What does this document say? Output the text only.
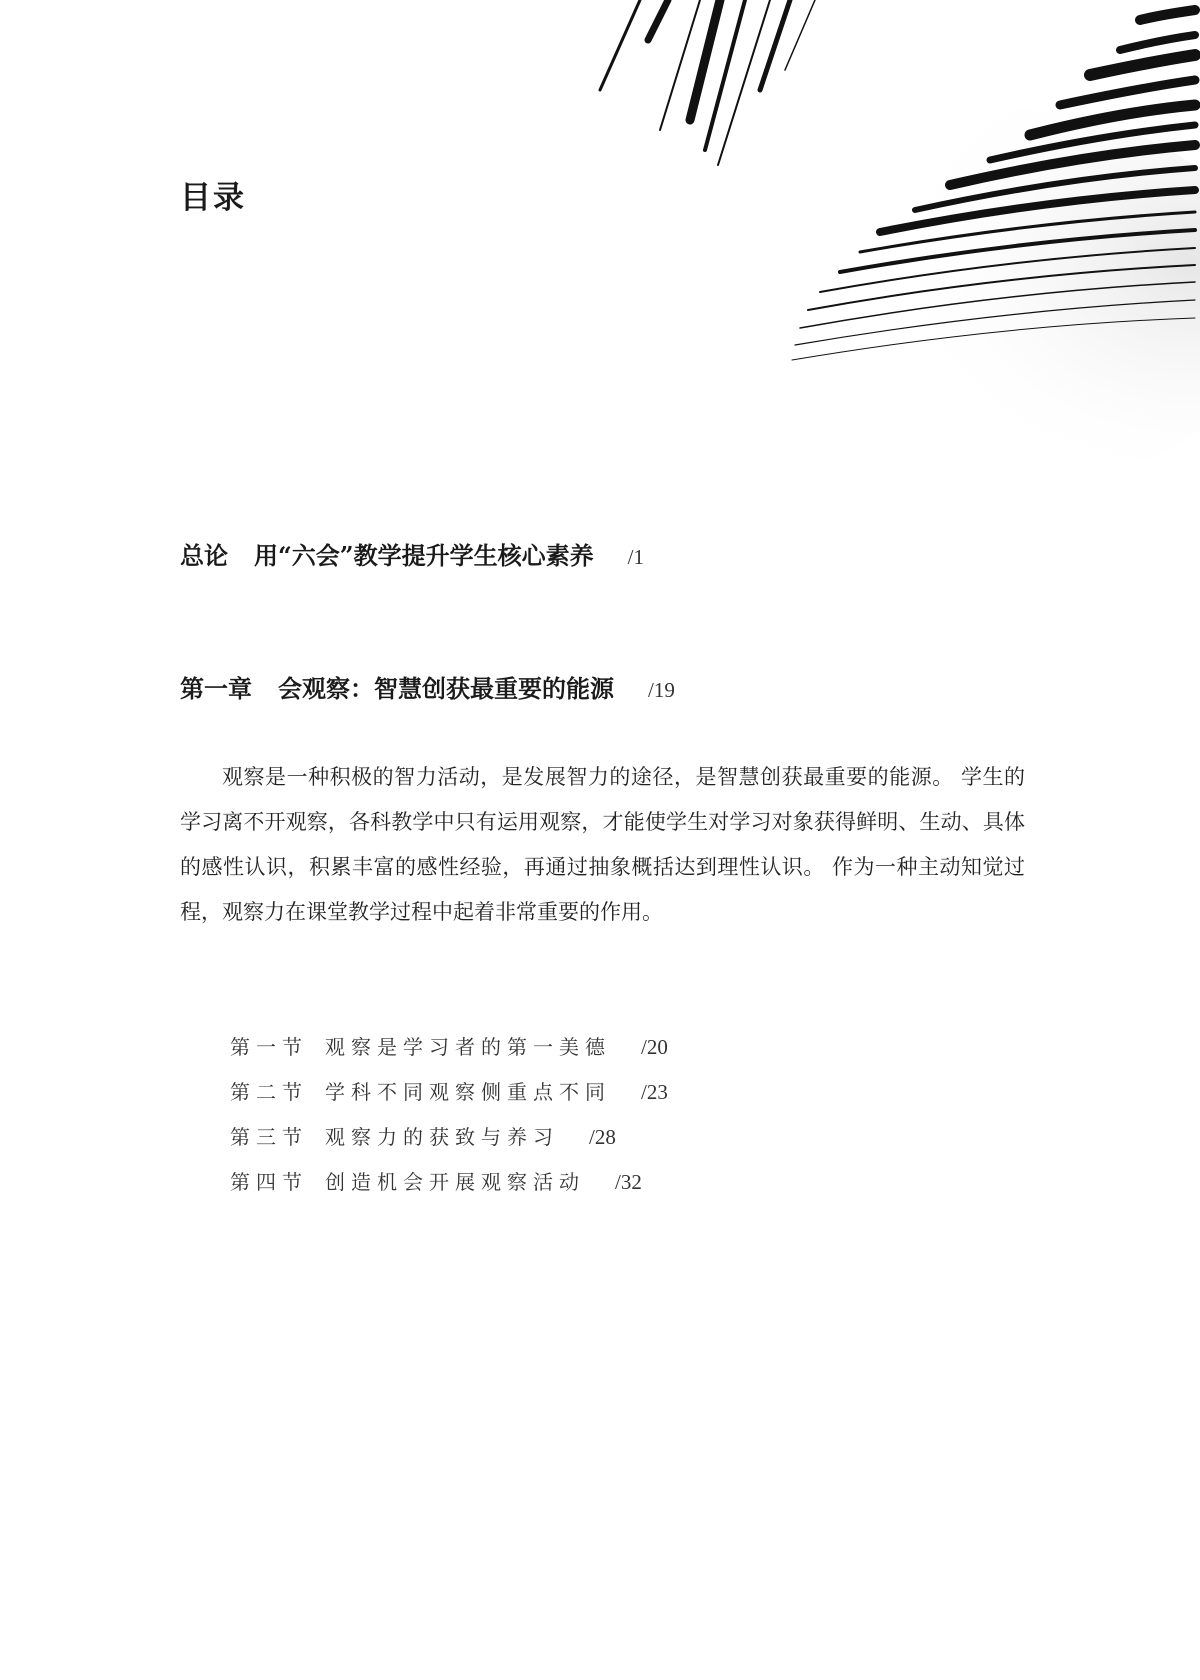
目录
总论 用“六会”教学提升学生核心素养 /1
第一章 会观察：智慧创获最重要的能源 /19

观察是一种积极的智力活动，是发展智力的途径，是智慧创获最重要的能源。 学生的学习离不开观察，各科教学中只有运用观察，才能使学生对学习对象获得鲜明、生动、具体的感性认识，积累丰富的感性经验，再通过抽象概括达到理性认识。 作为一种主动知觉过程，观察力在课堂教学过程中起着非常重要的作用。

第一节 观察是学习者的第一美德 /20
第二节 学科不同观察侧重点不同 /23
第三节 观察力的获致与养习 /28
第四节 创造机会开展观察活动 /32
